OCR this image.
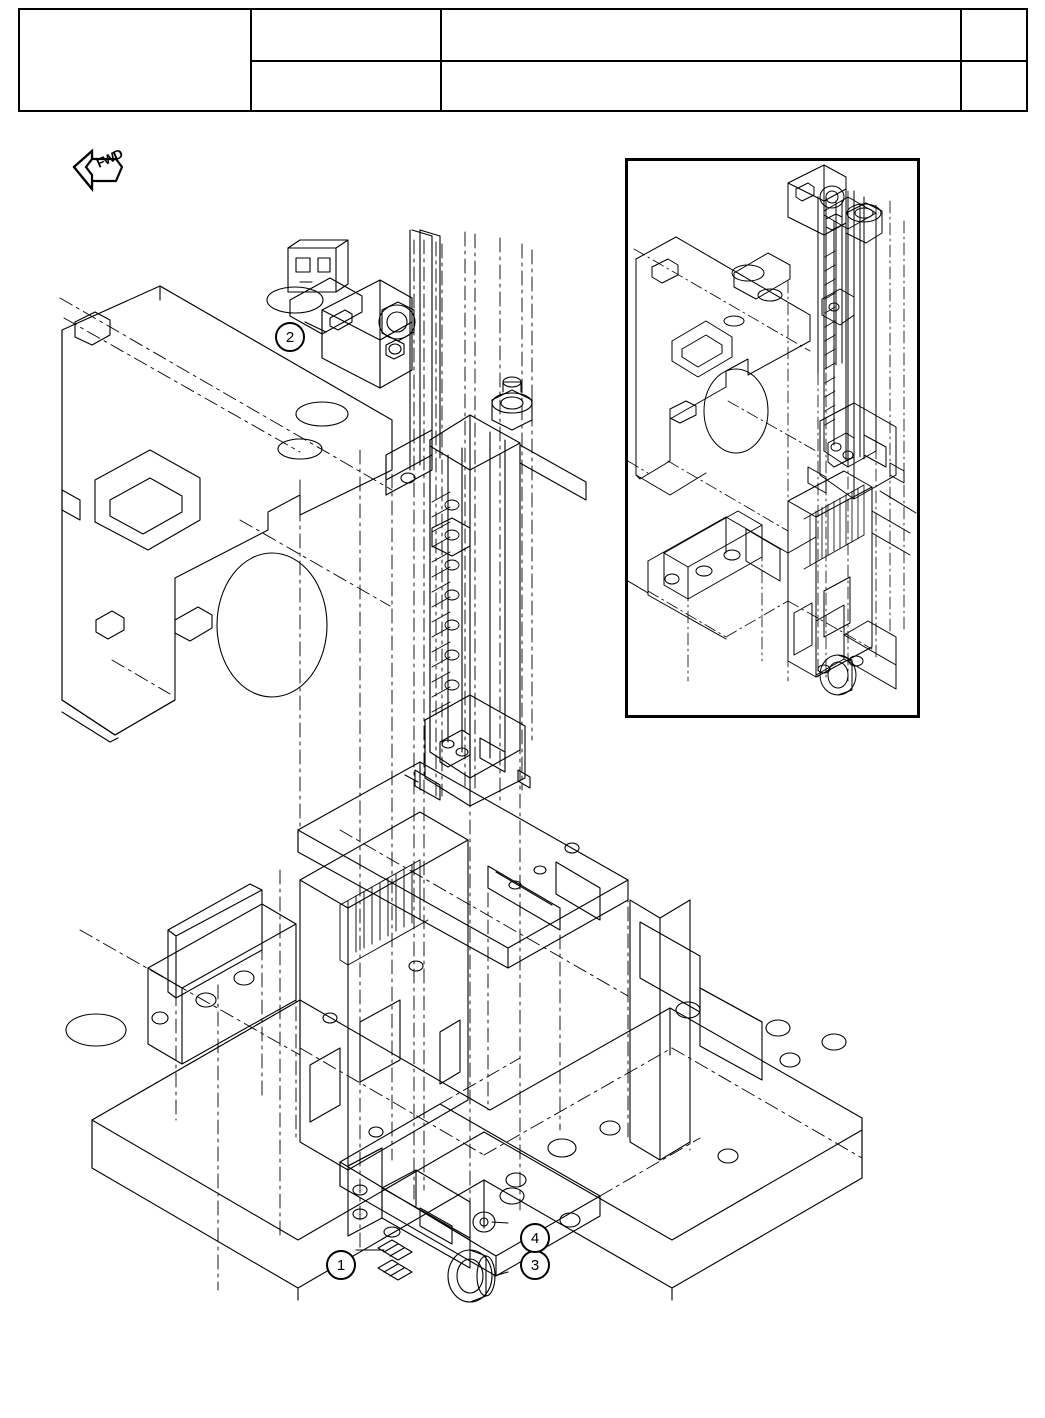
FWD
1
2
3
4
